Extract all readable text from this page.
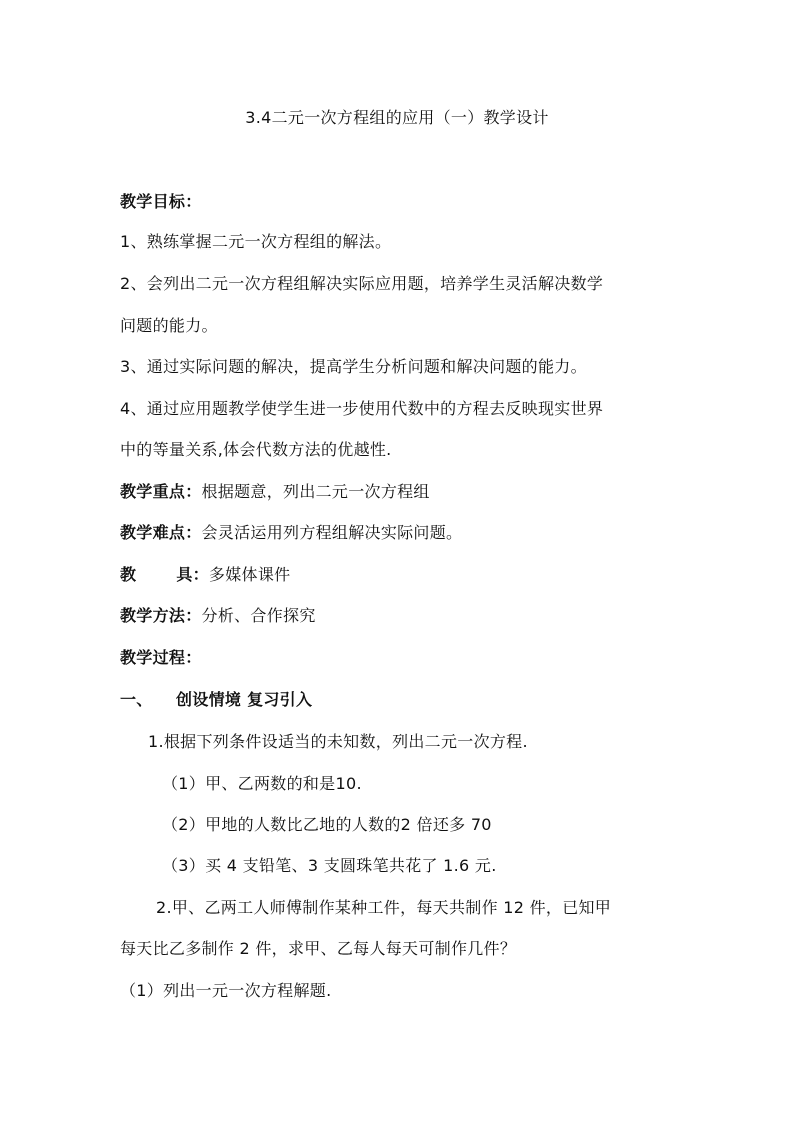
3.4二元一次方程组的应用（一）教学设计
教学目标：
1、熟练掌握二元一次方程组的解法。
2、会列出二元一次方程组解决实际应用题，培养学生灵活解决数学
问题的能力。
3、通过实际问题的解决，提高学生分析问题和解决问题的能力。
4、通过应用题教学使学生进一步使用代数中的方程去反映现实世界
中的等量关系,体会代数方法的优越性.
教学重点：根据题意，列出二元一次方程组
教学难点：会灵活运用列方程组解决实际问题。
教	具：多媒体课件
教学方法：分析、合作探究
教学过程：
一、 创设情境 复习引入
1.根据下列条件设适当的未知数，列出二元一次方程.
（1）甲、乙两数的和是10.
（2）甲地的人数比乙地的人数的2 倍还多 70
（3）买 4 支铅笔、3 支圆珠笔共花了 1.6 元.
2.甲、乙两工人师傅制作某种工件，每天共制作 12 件，已知甲
每天比乙多制作 2 件，求甲、乙每人每天可制作几件？
（1）列出一元一次方程解题.
